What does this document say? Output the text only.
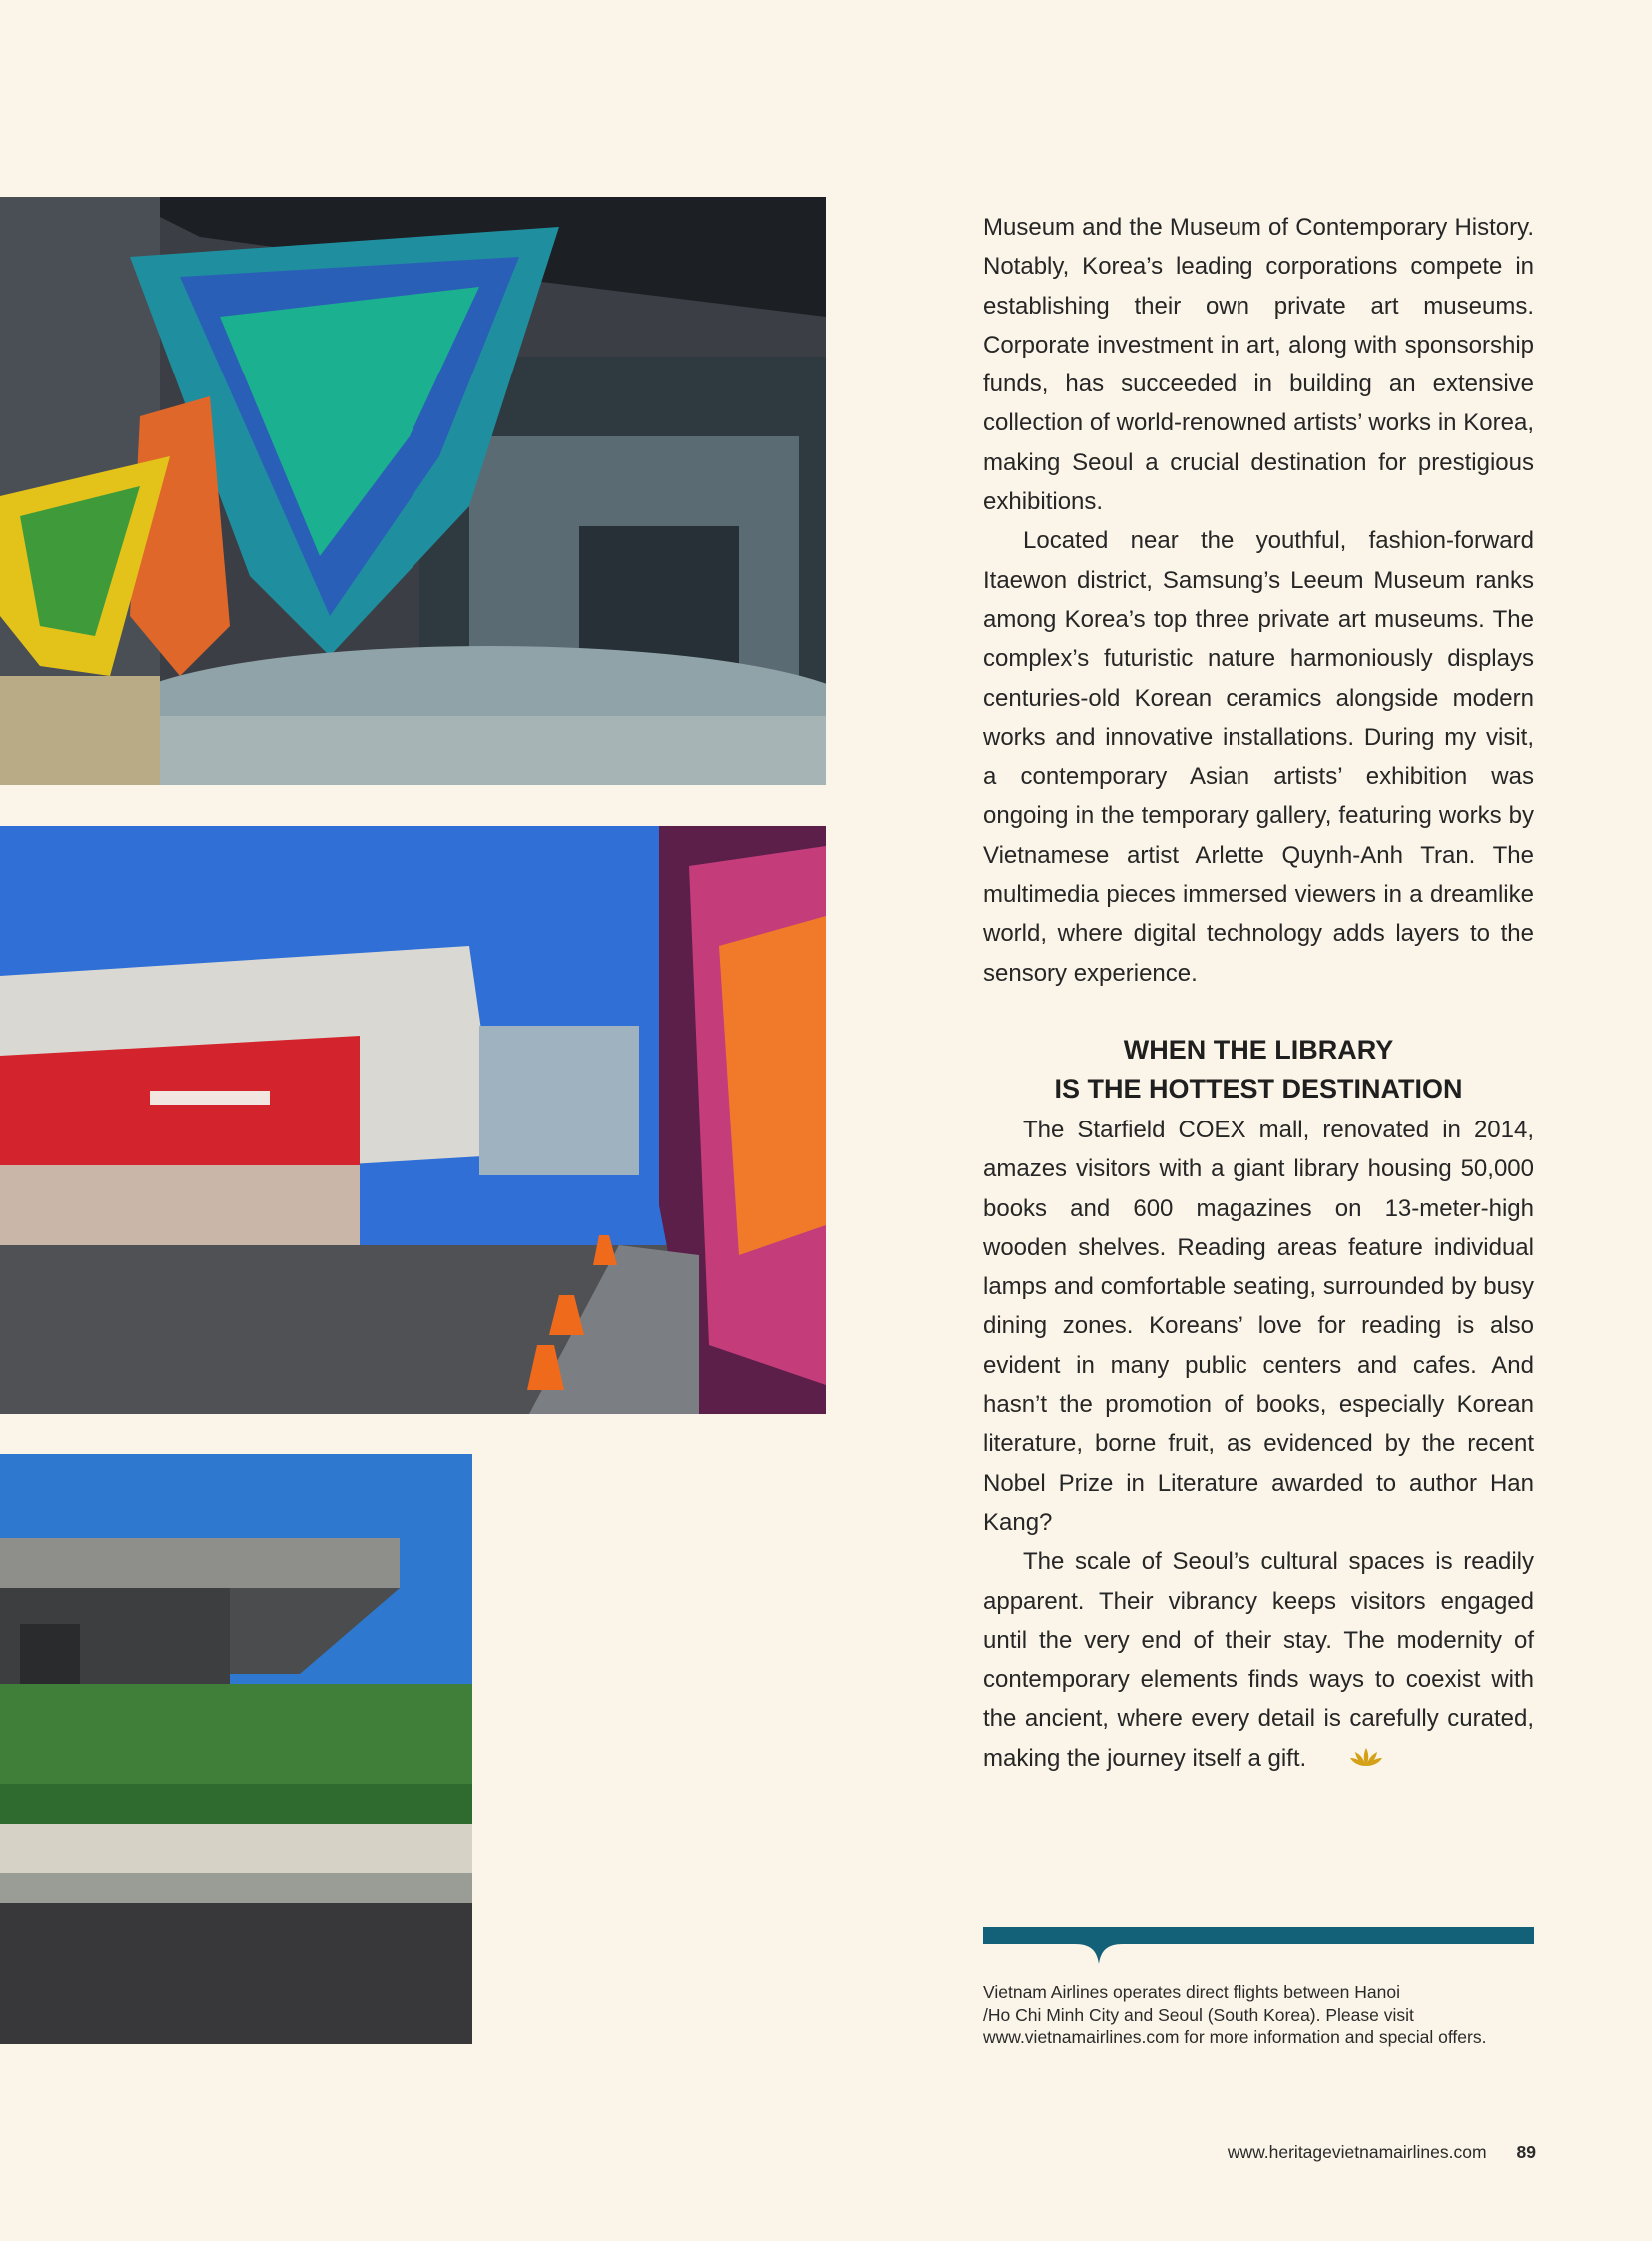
Museum and the Museum of Contemporary History. Notably, Korea’s leading corporations compete in establishing their own private art museums. Corporate investment in art, along with sponsorship funds, has succeeded in building an extensive collection of world-renowned artists’ works in Korea, making Seoul a crucial destination for prestigious exhibitions.

Located near the youthful, fashion-forward Itaewon district, Samsung’s Leeum Museum ranks among Korea’s top three private art museums. The complex’s futuristic nature harmoniously displays centuries-old Korean ceramics alongside modern works and innovative installations. During my visit, a contemporary Asian artists’ exhibition was ongoing in the temporary gallery, featuring works by Vietnamese artist Arlette Quynh-Anh Tran. The multimedia pieces immersed viewers in a dreamlike world, where digital technology adds layers to the sensory experience.

WHEN THE LIBRARY
IS THE HOTTEST DESTINATION

The Starfield COEX mall, renovated in 2014, amazes visitors with a giant library housing 50,000 books and 600 magazines on 13-meter-high wooden shelves. Reading areas feature individual lamps and comfortable seating, surrounded by busy dining zones. Koreans’ love for reading is also evident in many public centers and cafes. And hasn’t the promotion of books, especially Korean literature, borne fruit, as evidenced by the recent Nobel Prize in Literature awarded to author Han Kang?

The scale of Seoul’s cultural spaces is readily apparent. Their vibrancy keeps visitors engaged until the very end of their stay. The modernity of contemporary elements finds ways to coexist with the ancient, where every detail is carefully curated, making the journey itself a gift.

Vietnam Airlines operates direct flights between Hanoi
/Ho Chi Minh City and Seoul (South Korea). Please visit
www.vietnamairlines.com for more information and special offers.
www.heritagevietnamairlines.com 89
